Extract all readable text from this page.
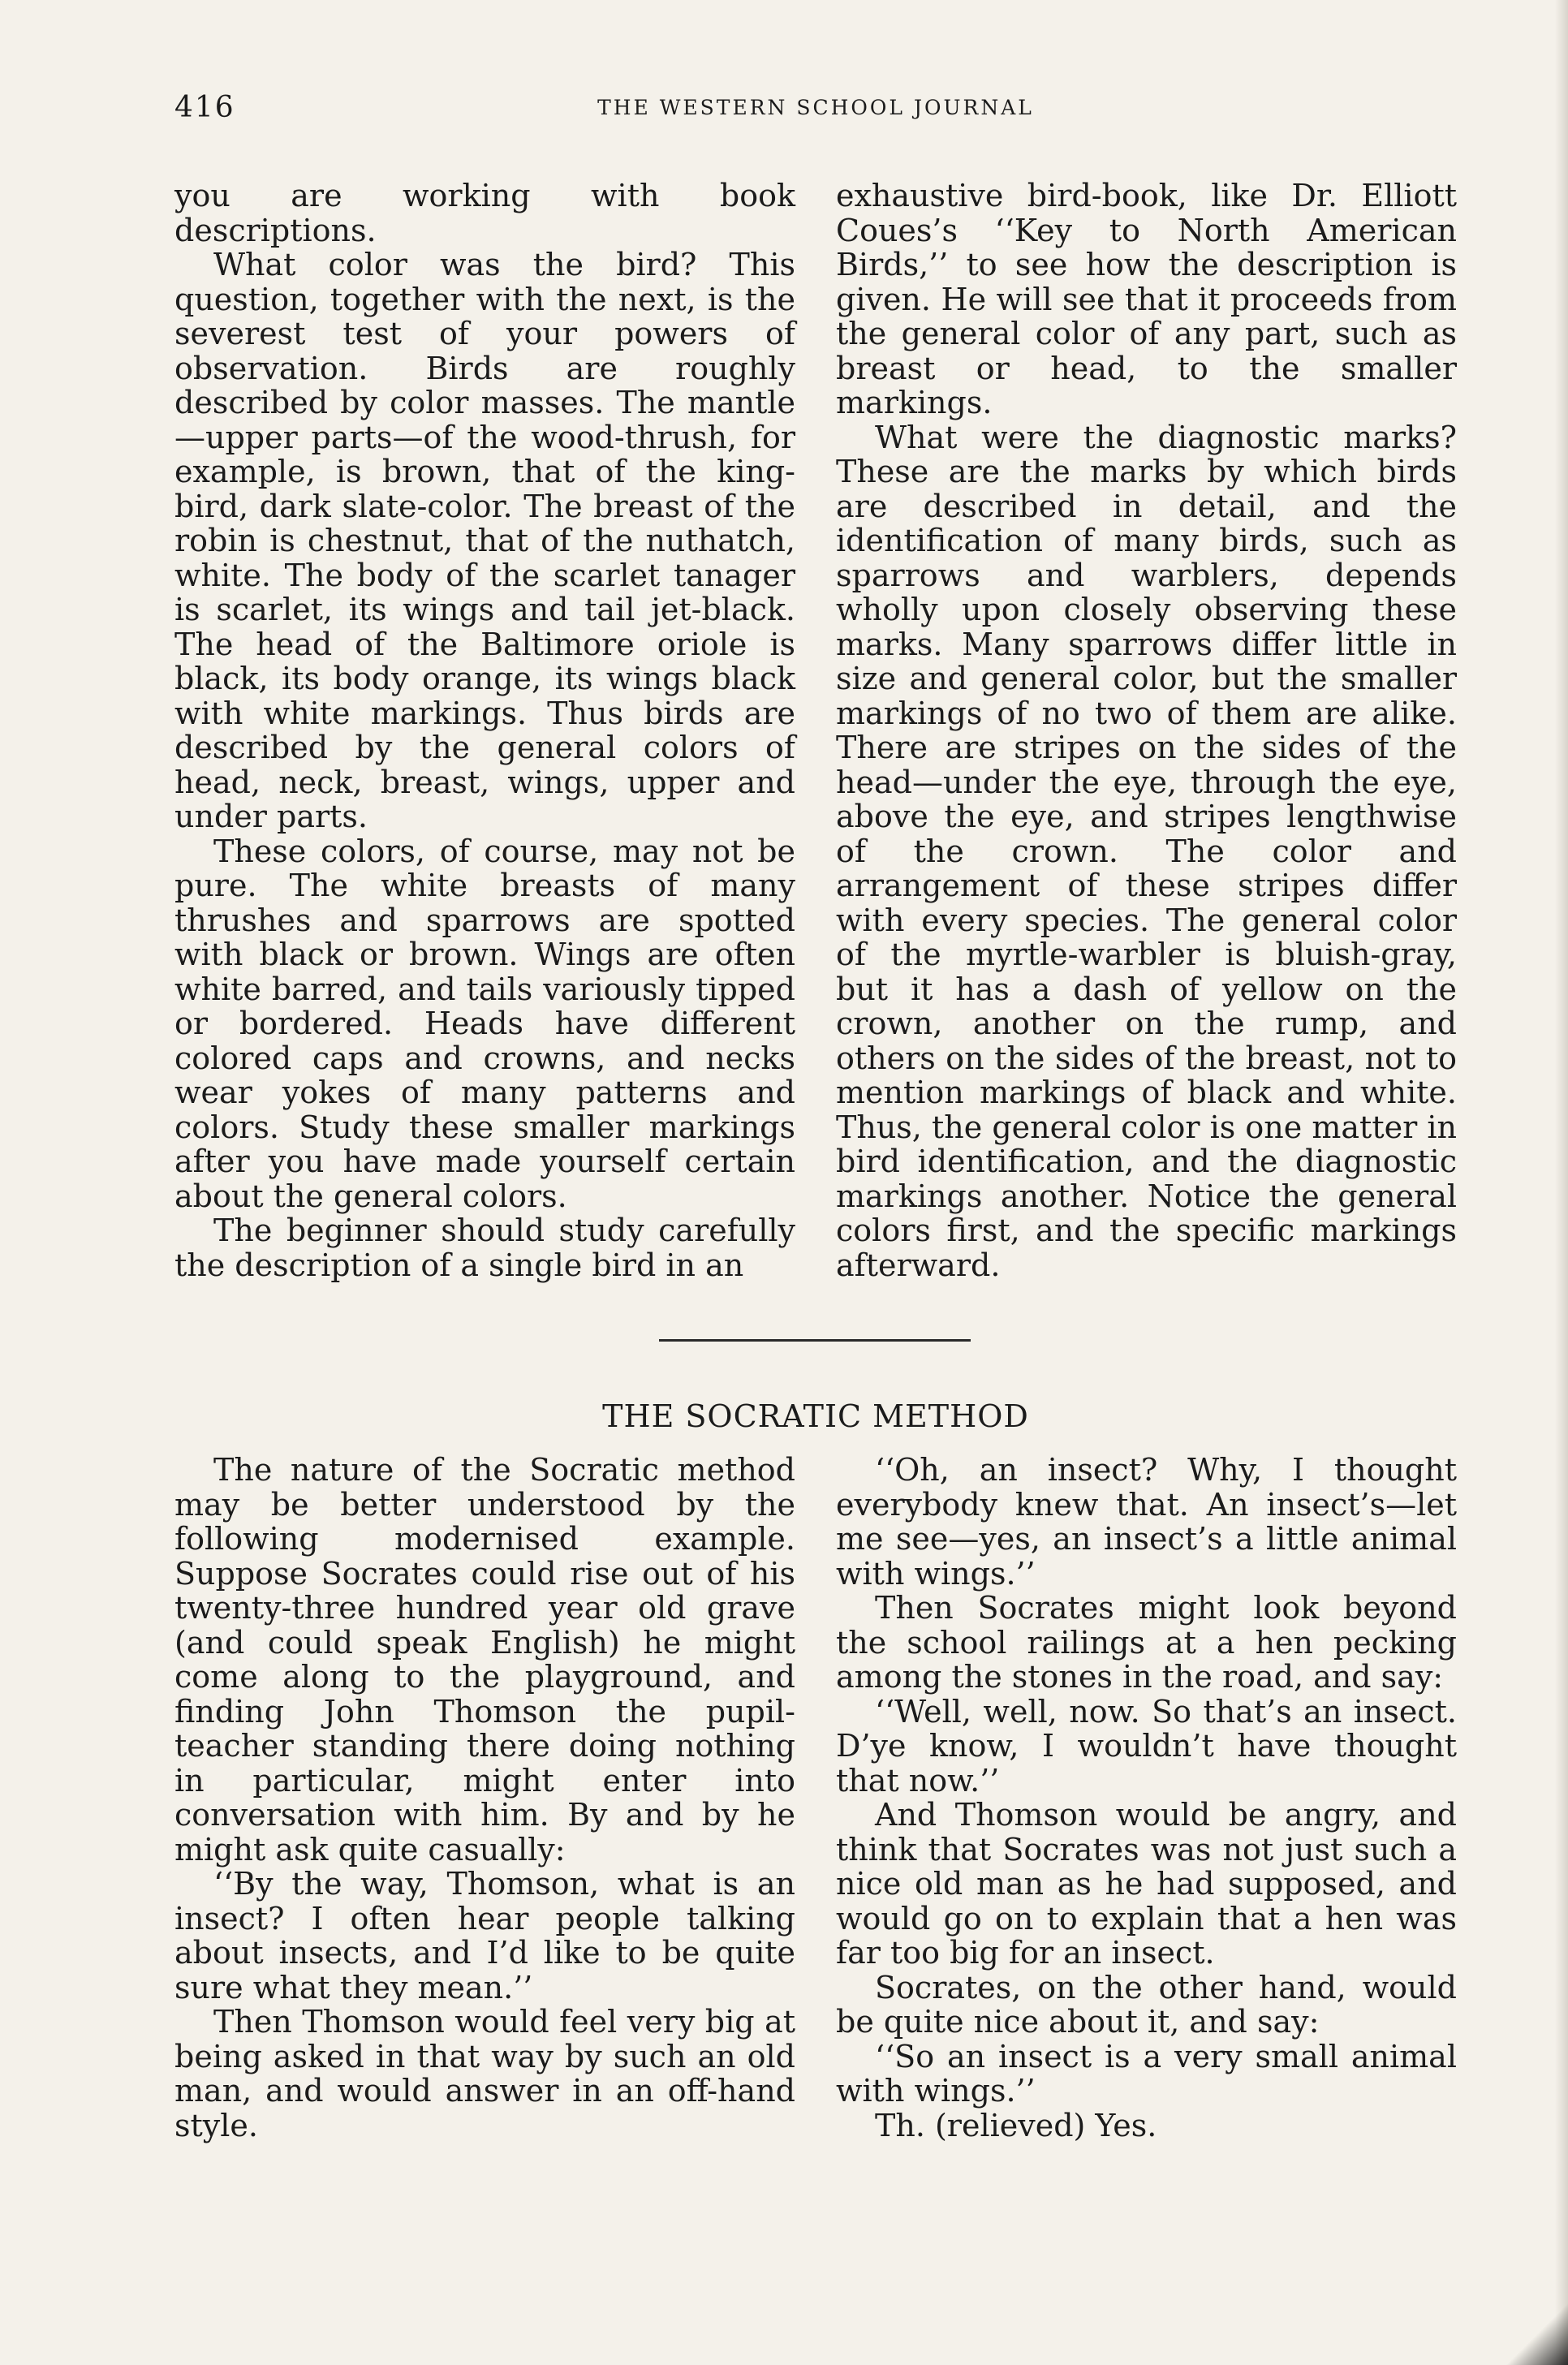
416	THE WESTERN SCHOOL JOURNAL

you are working with book descriptions.

What color was the bird? This question, together with the next, is the severest test of your powers of observation. Birds are roughly described by color masses. The mantle—upper parts—of the wood-thrush, for example, is brown, that of the king-bird, dark slate-color. The breast of the robin is chestnut, that of the nuthatch, white. The body of the scarlet tanager is scarlet, its wings and tail jet-black. The head of the Baltimore oriole is black, its body orange, its wings black with white markings. Thus birds are described by the general colors of head, neck, breast, wings, upper and under parts.

These colors, of course, may not be pure. The white breasts of many thrushes and sparrows are spotted with black or brown. Wings are often white barred, and tails variously tipped or bordered. Heads have different colored caps and crowns, and necks wear yokes of many patterns and colors. Study these smaller markings after you have made yourself certain about the general colors.

The beginner should study carefully the description of a single bird in an

exhaustive bird-book, like Dr. Elliott Coues’s ‘‘Key to North American Birds,’’ to see how the description is given. He will see that it proceeds from the general color of any part, such as breast or head, to the smaller markings.

What were the diagnostic marks? These are the marks by which birds are described in detail, and the identification of many birds, such as sparrows and warblers, depends wholly upon closely observing these marks. Many sparrows differ little in size and general color, but the smaller markings of no two of them are alike. There are stripes on the sides of the head—under the eye, through the eye, above the eye, and stripes lengthwise of the crown. The color and arrangement of these stripes differ with every species. The general color of the myrtle-warbler is bluish-gray, but it has a dash of yellow on the crown, another on the rump, and others on the sides of the breast, not to mention markings of black and white. Thus, the general color is one matter in bird identification, and the diagnostic markings another. Notice the general colors first, and the specific markings afterward.

THE SOCRATIC METHOD

The nature of the Socratic method may be better understood by the following modernised example. Suppose Socrates could rise out of his twenty-three hundred year old grave (and could speak English) he might come along to the playground, and finding John Thomson the pupil-teacher standing there doing nothing in particular, might enter into conversation with him. By and by he might ask quite casually:

‘‘By the way, Thomson, what is an insect? I often hear people talking about insects, and I’d like to be quite sure what they mean.’’

Then Thomson would feel very big at being asked in that way by such an old man, and would answer in an off-hand style.

‘‘Oh, an insect? Why, I thought everybody knew that. An insect’s—let me see—yes, an insect’s a little animal with wings.’’

Then Socrates might look beyond the school railings at a hen pecking among the stones in the road, and say:

‘‘Well, well, now. So that’s an insect. D’ye know, I wouldn’t have thought that now.’’

And Thomson would be angry, and think that Socrates was not just such a nice old man as he had supposed, and would go on to explain that a hen was far too big for an insect.

Socrates, on the other hand, would be quite nice about it, and say:

‘‘So an insect is a very small animal with wings.’’

Th. (relieved) Yes.
